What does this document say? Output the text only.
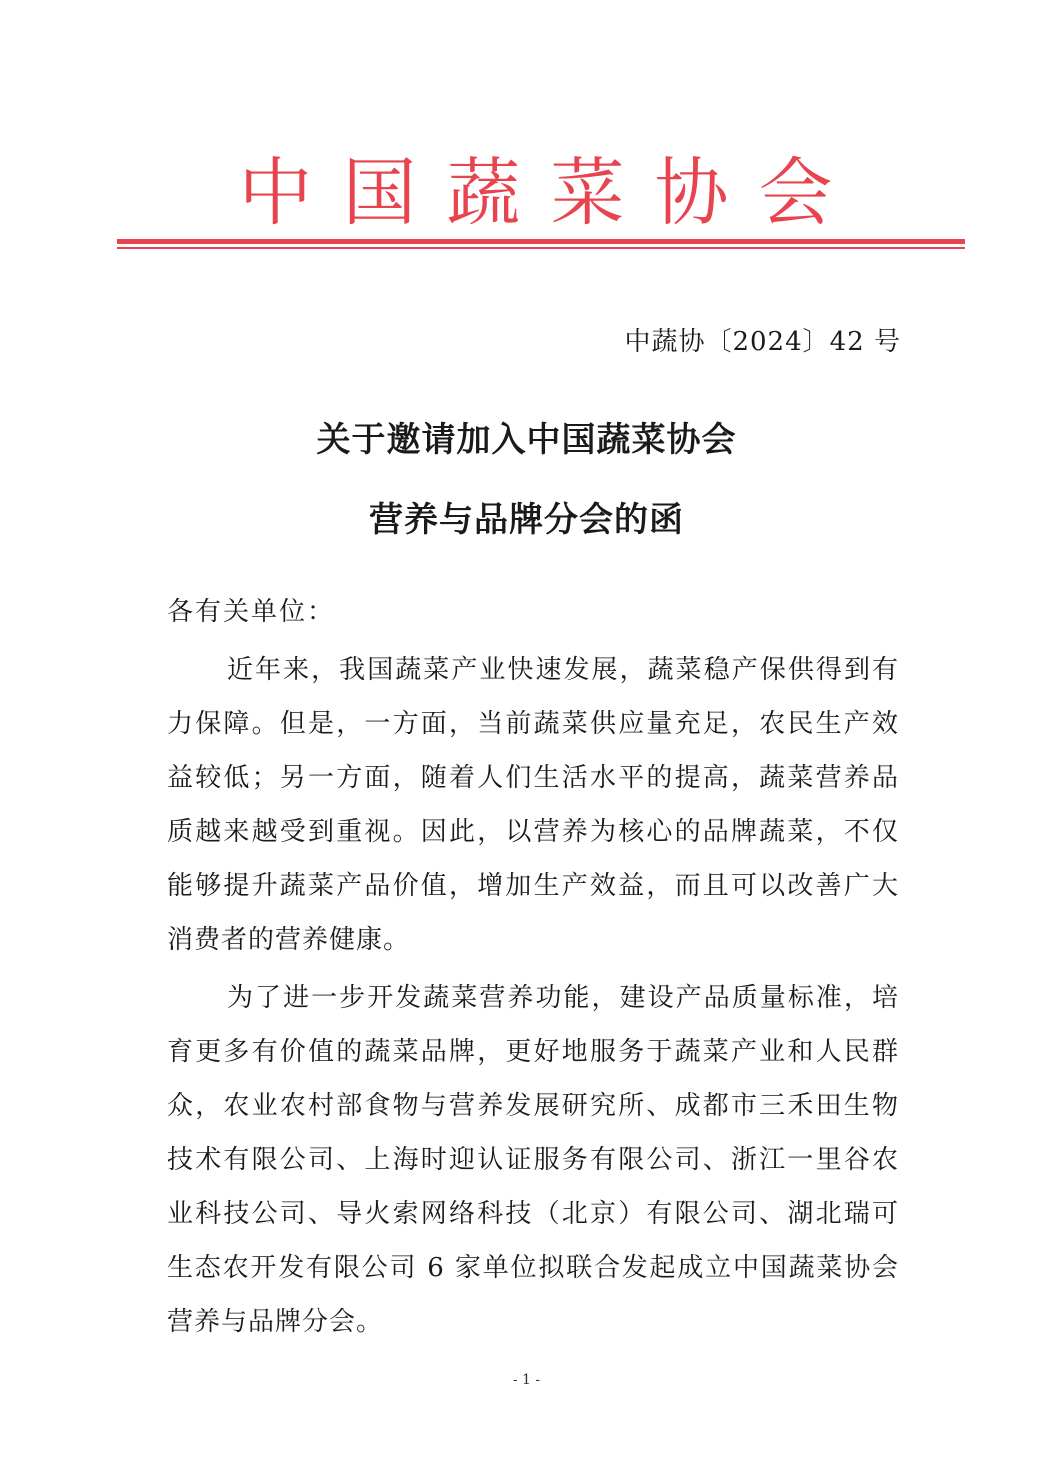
中国蔬菜协会
中蔬协〔2024〕42 号
关于邀请加入中国蔬菜协会
营养与品牌分会的函
各有关单位：
近年来，我国蔬菜产业快速发展，蔬菜稳产保供得到有
力保障。但是，一方面，当前蔬菜供应量充足，农民生产效
益较低；另一方面，随着人们生活水平的提高，蔬菜营养品
质越来越受到重视。因此，以营养为核心的品牌蔬菜，不仅
能够提升蔬菜产品价值，增加生产效益，而且可以改善广大
消费者的营养健康。
为了进一步开发蔬菜营养功能，建设产品质量标准，培
育更多有价值的蔬菜品牌，更好地服务于蔬菜产业和人民群
众，农业农村部食物与营养发展研究所、成都市三禾田生物
技术有限公司、上海时迎认证服务有限公司、浙江一里谷农
业科技公司、导火索网络科技（北京）有限公司、湖北瑞可
生态农开发有限公司 6 家单位拟联合发起成立中国蔬菜协会
营养与品牌分会。
- 1 -
